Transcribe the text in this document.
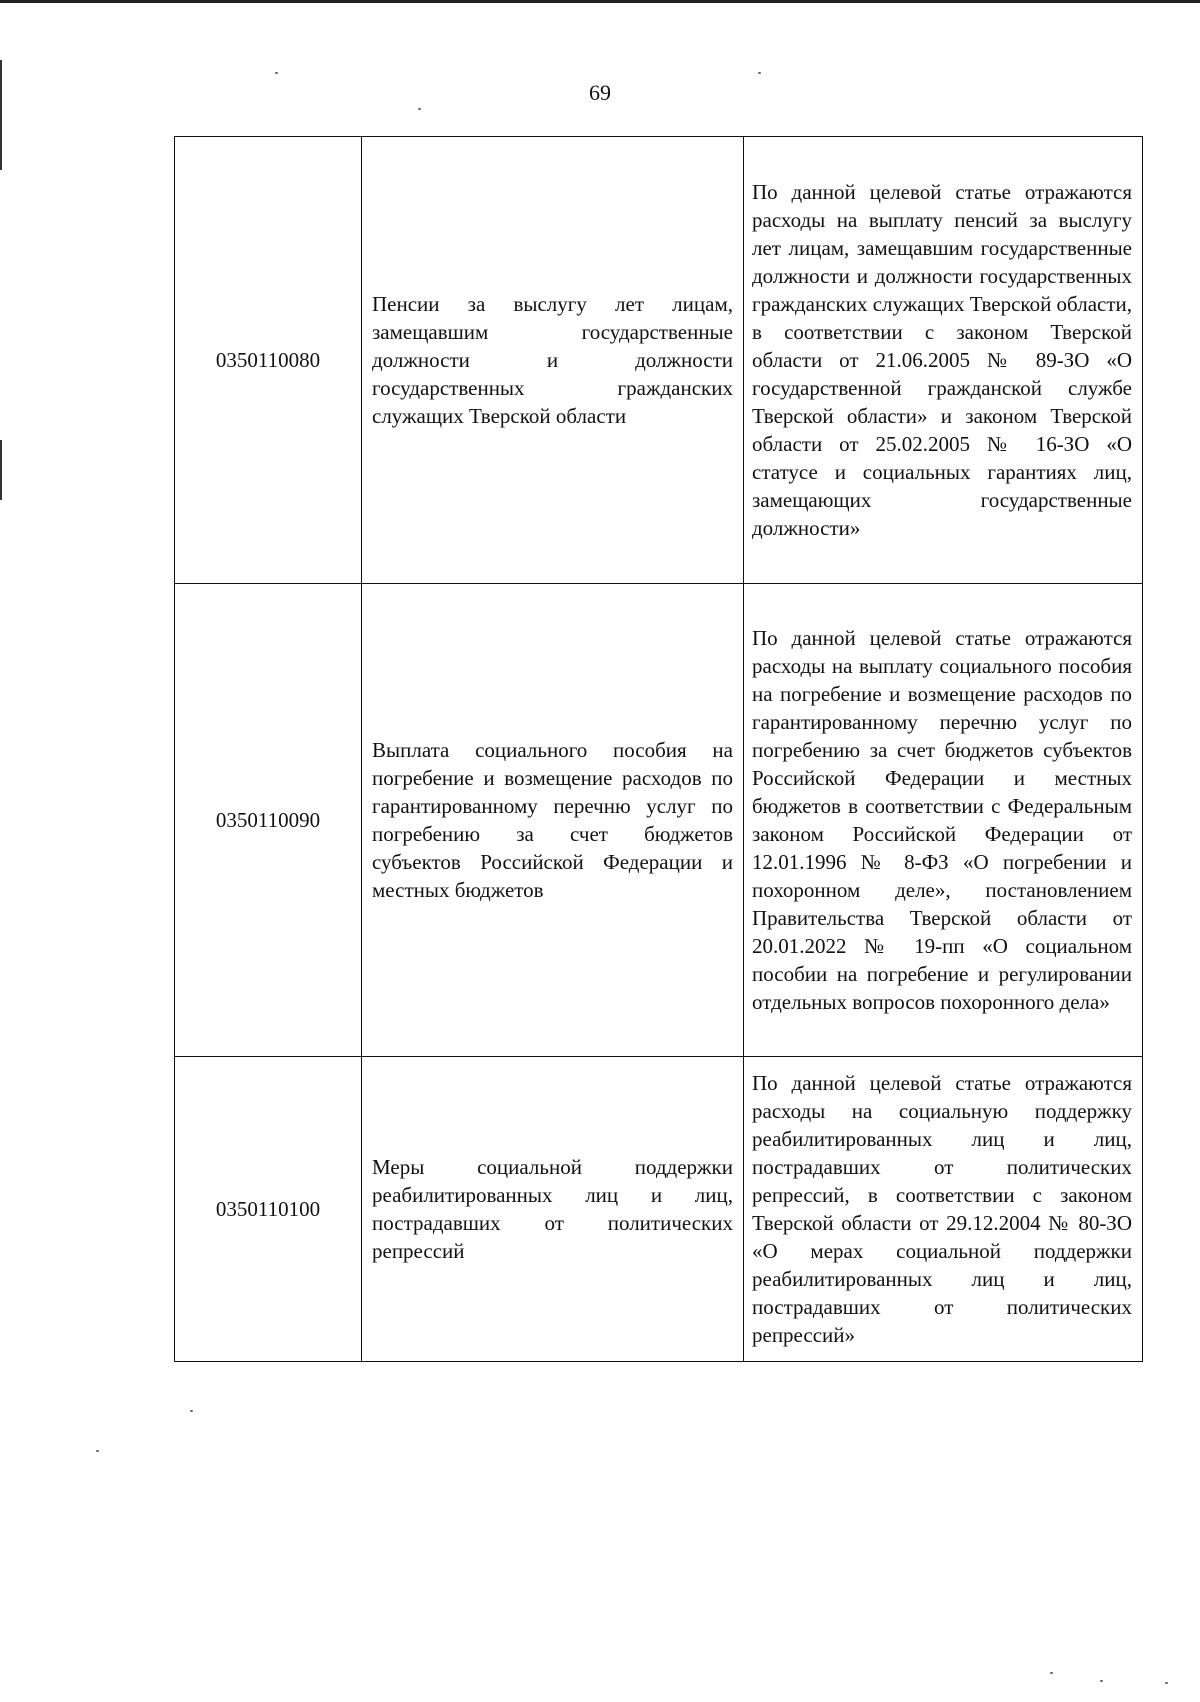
69
0350110080	Пенсии за выслугу лет лицам, замещавшим государственные должности и должности государственных гражданских служащих Тверской области	По данной целевой статье отражаются расходы на выплату пенсий за выслугу лет лицам, замещавшим государственные должности и должности государственных гражданских служащих Тверской области, в соответствии с законом Тверской области от 21.06.2005 № 89-ЗО «О государственной гражданской службе Тверской области» и законом Тверской области от 25.02.2005 № 16-ЗО «О статусе и социальных гарантиях лиц, замещающих государственные должности»
0350110090	Выплата социального пособия на погребение и возмещение расходов по гарантированному перечню услуг по погребению за счет бюджетов субъектов Российской Федерации и местных бюджетов	По данной целевой статье отражаются расходы на выплату социального пособия на погребение и возмещение расходов по гарантированному перечню услуг по погребению за счет бюджетов субъектов Российской Федерации и местных бюджетов в соответствии с Федеральным законом Российской Федерации от 12.01.1996 № 8-ФЗ «О погребении и похоронном деле», постановлением Правительства Тверской области от 20.01.2022 № 19-пп «О социальном пособии на погребение и регулировании отдельных вопросов похоронного дела»
0350110100	Меры социальной поддержки реабилитированных лиц и лиц, пострадавших от политических репрессий	По данной целевой статье отражаются расходы на социальную поддержку реабилитированных лиц и лиц, пострадавших от политических репрессий, в соответствии с законом Тверской области от 29.12.2004 № 80-ЗО «О мерах социальной поддержки реабилитированных лиц и лиц, пострадавших от политических репрессий»
